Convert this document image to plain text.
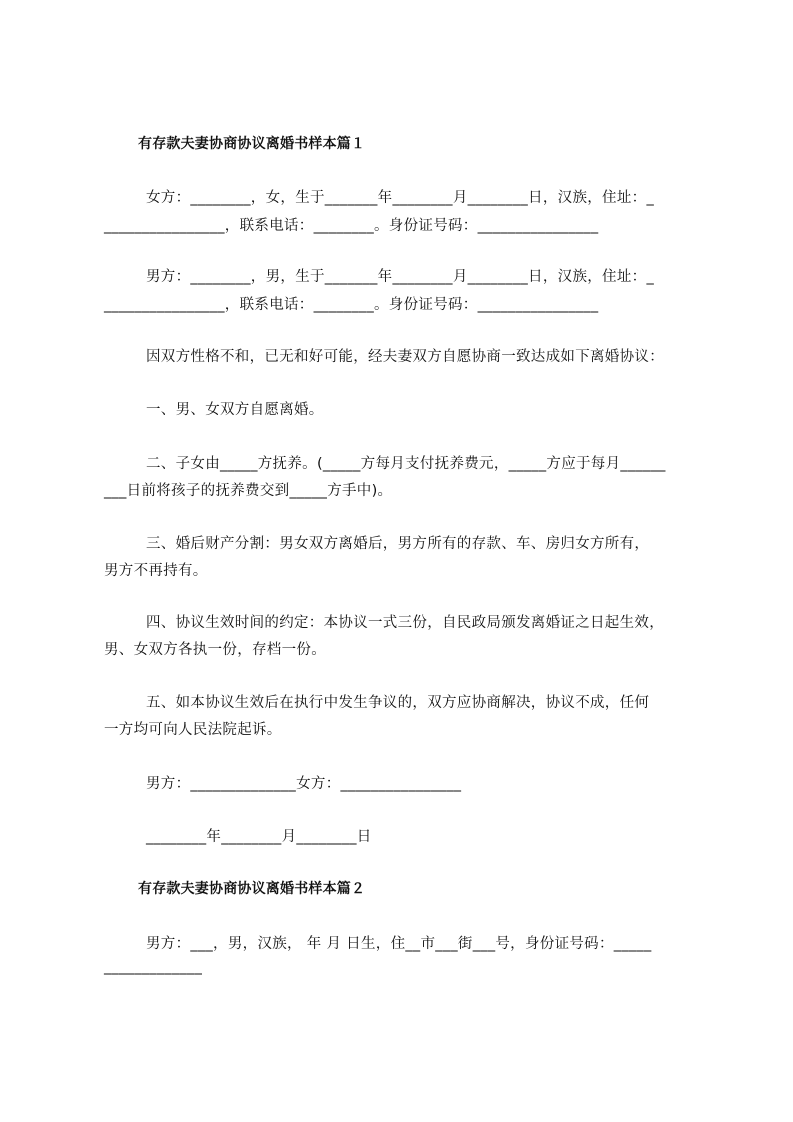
有存款夫妻协商协议离婚书样本篇１
女方：________，女，生于_______年________月________日，汉族，住址：_
________________，联系电话：________。身份证号码：________________
男方：________，男，生于_______年________月________日，汉族，住址：_
________________，联系电话：________。身份证号码：________________
因双方性格不和，已无和好可能，经夫妻双方自愿协商一致达成如下离婚协议：
一、男、女双方自愿离婚。
二、子女由_____方抚养。(_____方每月支付抚养费元，_____方应于每月______
___日前将孩子的抚养费交到_____方手中)。
三、婚后财产分割：男女双方离婚后，男方所有的存款、车、房归女方所有，
男方不再持有。
四、协议生效时间的约定：本协议一式三份，自民政局颁发离婚证之日起生效，
男、女双方各执一份，存档一份。
五、如本协议生效后在执行中发生争议的，双方应协商解决，协议不成，任何
一方均可向人民法院起诉。
男方：______________女方：________________
________年________月________日
有存款夫妻协商协议离婚书样本篇２
男方：___，男，汉族， 年 月 日生，住__市___街___号，身份证号码：_____
_____________
